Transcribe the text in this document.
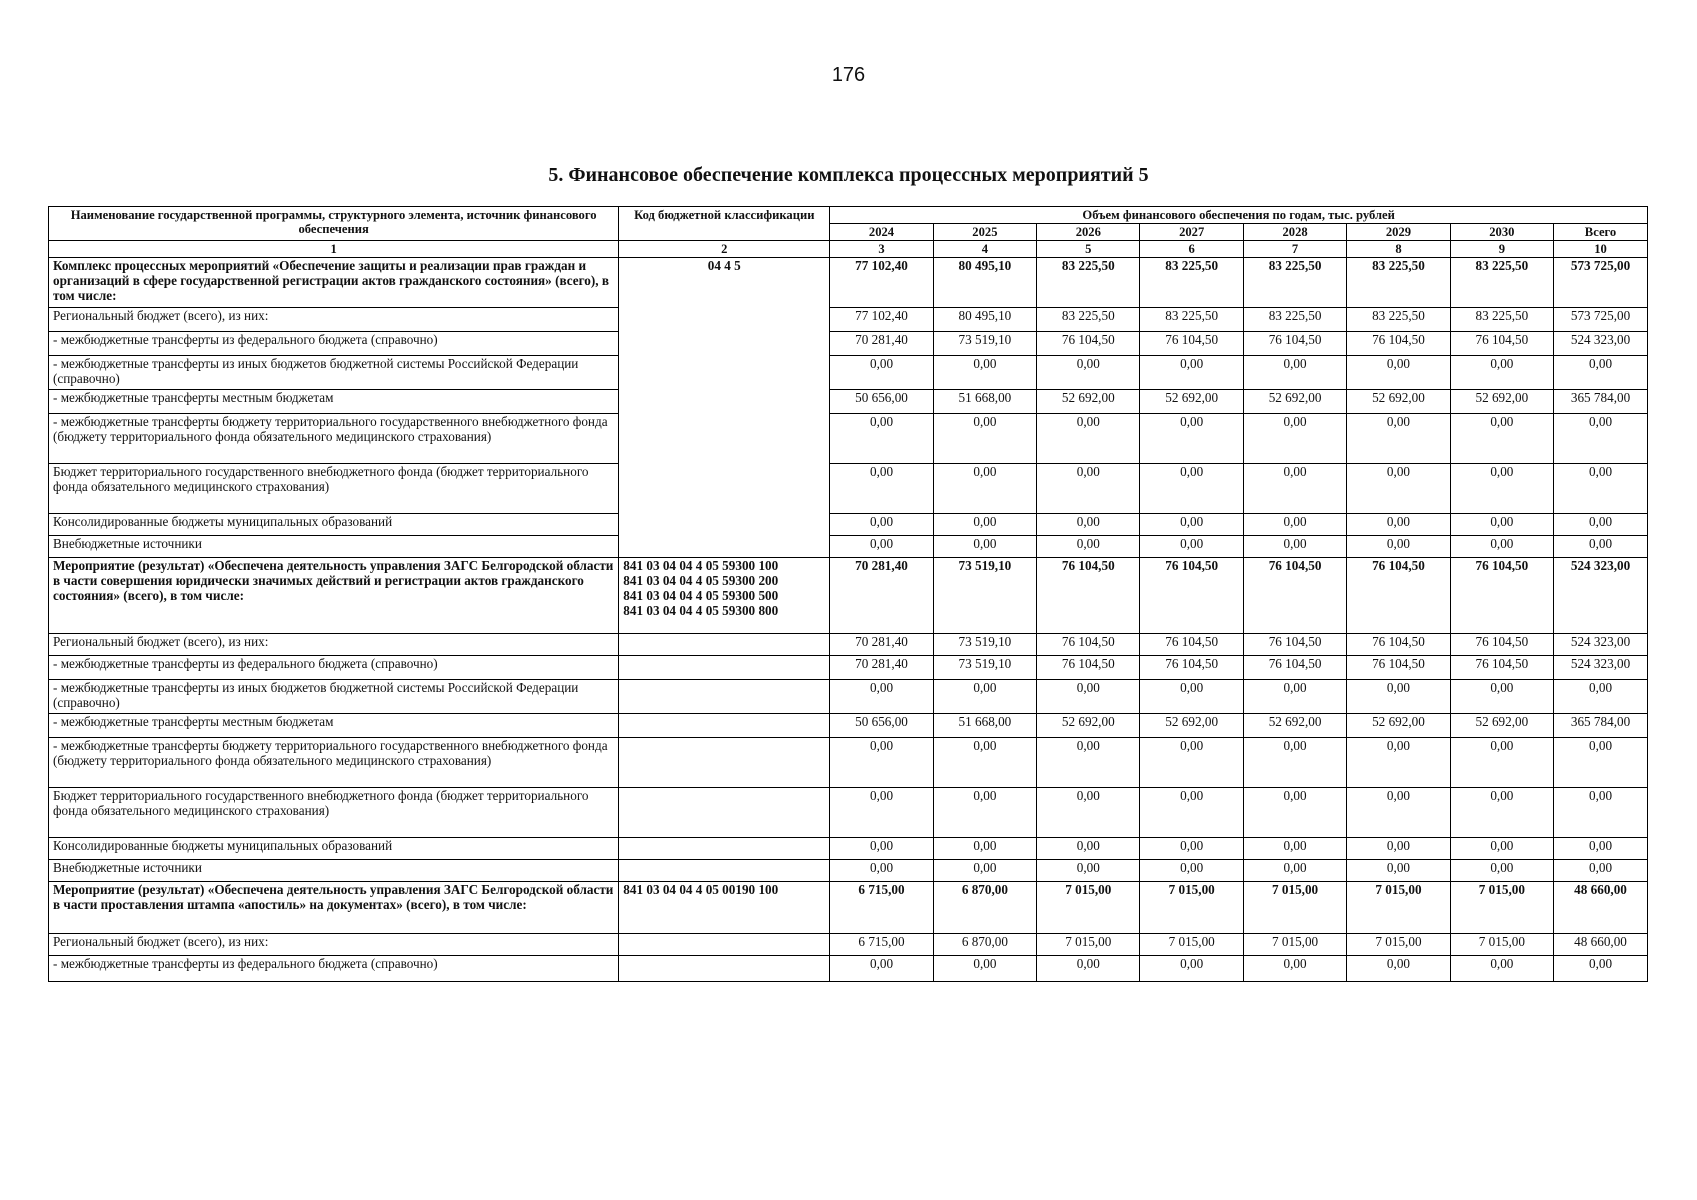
176
5. Финансовое обеспечение комплекса процессных мероприятий 5
Наименование государственной программы, структурного элемента, источник финансового обеспечения	Код бюджетной классификации	Объем финансового обеспечения по годам, тыс. рублей							
		2024	2025	2026	2027	2028	2029	2030	Всего
1	2	3	4	5	6	7	8	9	10
Комплекс процессных мероприятий «Обеспечение защиты и реализации прав граждан и организаций в сфере государственной регистрации актов гражданского состояния» (всего), в том числе:	04 4 5	77 102,40	80 495,10	83 225,50	83 225,50	83 225,50	83 225,50	83 225,50	573 725,00
Региональный бюджет (всего), из них:		77 102,40	80 495,10	83 225,50	83 225,50	83 225,50	83 225,50	83 225,50	573 725,00
- межбюджетные трансферты из федерального бюджета (справочно)		70 281,40	73 519,10	76 104,50	76 104,50	76 104,50	76 104,50	76 104,50	524 323,00
- межбюджетные трансферты из иных бюджетов бюджетной системы Российской Федерации (справочно)		0,00	0,00	0,00	0,00	0,00	0,00	0,00	0,00
- межбюджетные трансферты местным бюджетам		50 656,00	51 668,00	52 692,00	52 692,00	52 692,00	52 692,00	52 692,00	365 784,00
- межбюджетные трансферты бюджету территориального государственного внебюджетного фонда (бюджету территориального фонда обязательного медицинского страхования)		0,00	0,00	0,00	0,00	0,00	0,00	0,00	0,00
Бюджет территориального государственного внебюджетного фонда (бюджет территориального фонда обязательного медицинского страхования)		0,00	0,00	0,00	0,00	0,00	0,00	0,00	0,00
Консолидированные бюджеты муниципальных образований		0,00	0,00	0,00	0,00	0,00	0,00	0,00	0,00
Внебюджетные источники		0,00	0,00	0,00	0,00	0,00	0,00	0,00	0,00
Мероприятие (результат) «Обеспечена деятельность управления ЗАГС Белгородской области в части совершения юридически значимых действий и регистрации актов гражданского состояния» (всего), в том числе:	841 03 04 04 4 05 59300 100
841 03 04 04 4 05 59300 200
841 03 04 04 4 05 59300 500
841 03 04 04 4 05 59300 800	70 281,40	73 519,10	76 104,50	76 104,50	76 104,50	76 104,50	76 104,50	524 323,00
Региональный бюджет (всего), из них:		70 281,40	73 519,10	76 104,50	76 104,50	76 104,50	76 104,50	76 104,50	524 323,00
- межбюджетные трансферты из федерального бюджета (справочно)		70 281,40	73 519,10	76 104,50	76 104,50	76 104,50	76 104,50	76 104,50	524 323,00
- межбюджетные трансферты из иных бюджетов бюджетной системы Российской Федерации (справочно)		0,00	0,00	0,00	0,00	0,00	0,00	0,00	0,00
- межбюджетные трансферты местным бюджетам		50 656,00	51 668,00	52 692,00	52 692,00	52 692,00	52 692,00	52 692,00	365 784,00
- межбюджетные трансферты бюджету территориального государственного внебюджетного фонда (бюджету территориального фонда обязательного медицинского страхования)		0,00	0,00	0,00	0,00	0,00	0,00	0,00	0,00
Бюджет территориального государственного внебюджетного фонда (бюджет территориального фонда обязательного медицинского страхования)		0,00	0,00	0,00	0,00	0,00	0,00	0,00	0,00
Консолидированные бюджеты муниципальных образований		0,00	0,00	0,00	0,00	0,00	0,00	0,00	0,00
Внебюджетные источники		0,00	0,00	0,00	0,00	0,00	0,00	0,00	0,00
Мероприятие (результат) «Обеспечена деятельность управления ЗАГС Белгородской области в части проставления штампа «апостиль» на документах» (всего), в том числе:	841 03 04 04 4 05 00190 100	6 715,00	6 870,00	7 015,00	7 015,00	7 015,00	7 015,00	7 015,00	48 660,00
Региональный бюджет (всего), из них:		6 715,00	6 870,00	7 015,00	7 015,00	7 015,00	7 015,00	7 015,00	48 660,00
- межбюджетные трансферты из федерального бюджета (справочно)		0,00	0,00	0,00	0,00	0,00	0,00	0,00	0,00
